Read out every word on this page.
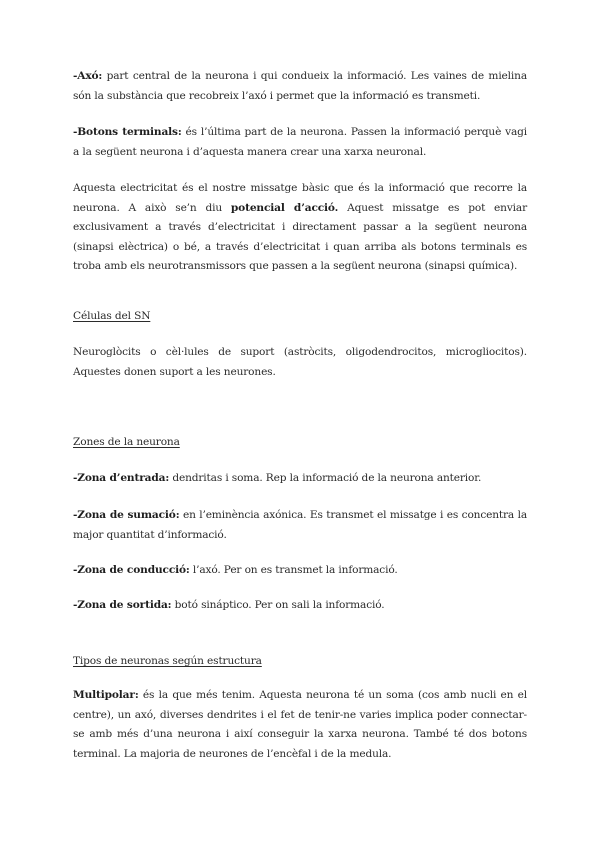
-Axó: part central de la neurona i qui condueix la informació. Les vaines de mielina són la substància que recobreix l’axó i permet que la informació es transmeti.

-Botons terminals: és l’última part de la neurona. Passen la informació perquè vagi a la següent neurona i d’aquesta manera crear una xarxa neuronal.

Aquesta electricitat és el nostre missatge bàsic que és la informació que recorre la neurona. A això se’n diu potencial d’acció. Aquest missatge es pot enviar exclusivament a través d’electricitat i directament passar a la següent neurona (sinapsi elèctrica) o bé, a través d’electricitat i quan arriba als botons terminals es troba amb els neurotransmissors que passen a la següent neurona (sinapsi química).

Células del SN

Neuroglòcits o cèl·lules de suport (astròcits, oligodendrocitos, microgliocitos). Aquestes donen suport a les neurones.

Zones de la neurona

-Zona d’entrada: dendritas i soma. Rep la informació de la neurona anterior.

-Zona de sumació: en l’eminència axónica. Es transmet el missatge i es concentra la major quantitat d’informació.

-Zona de conducció: l’axó. Per on es transmet la informació.

-Zona de sortida: botó sináptico. Per on sali la informació.

Tipos de neuronas según estructura

Multipolar: és la que més tenim. Aquesta neurona té un soma (cos amb nucli en el centre), un axó, diverses dendrites i el fet de tenir-ne varies implica poder connectar-se amb més d’una neurona i així conseguir la xarxa neurona. També té dos botons terminal. La majoria de neurones de l’encèfal i de la medula.
